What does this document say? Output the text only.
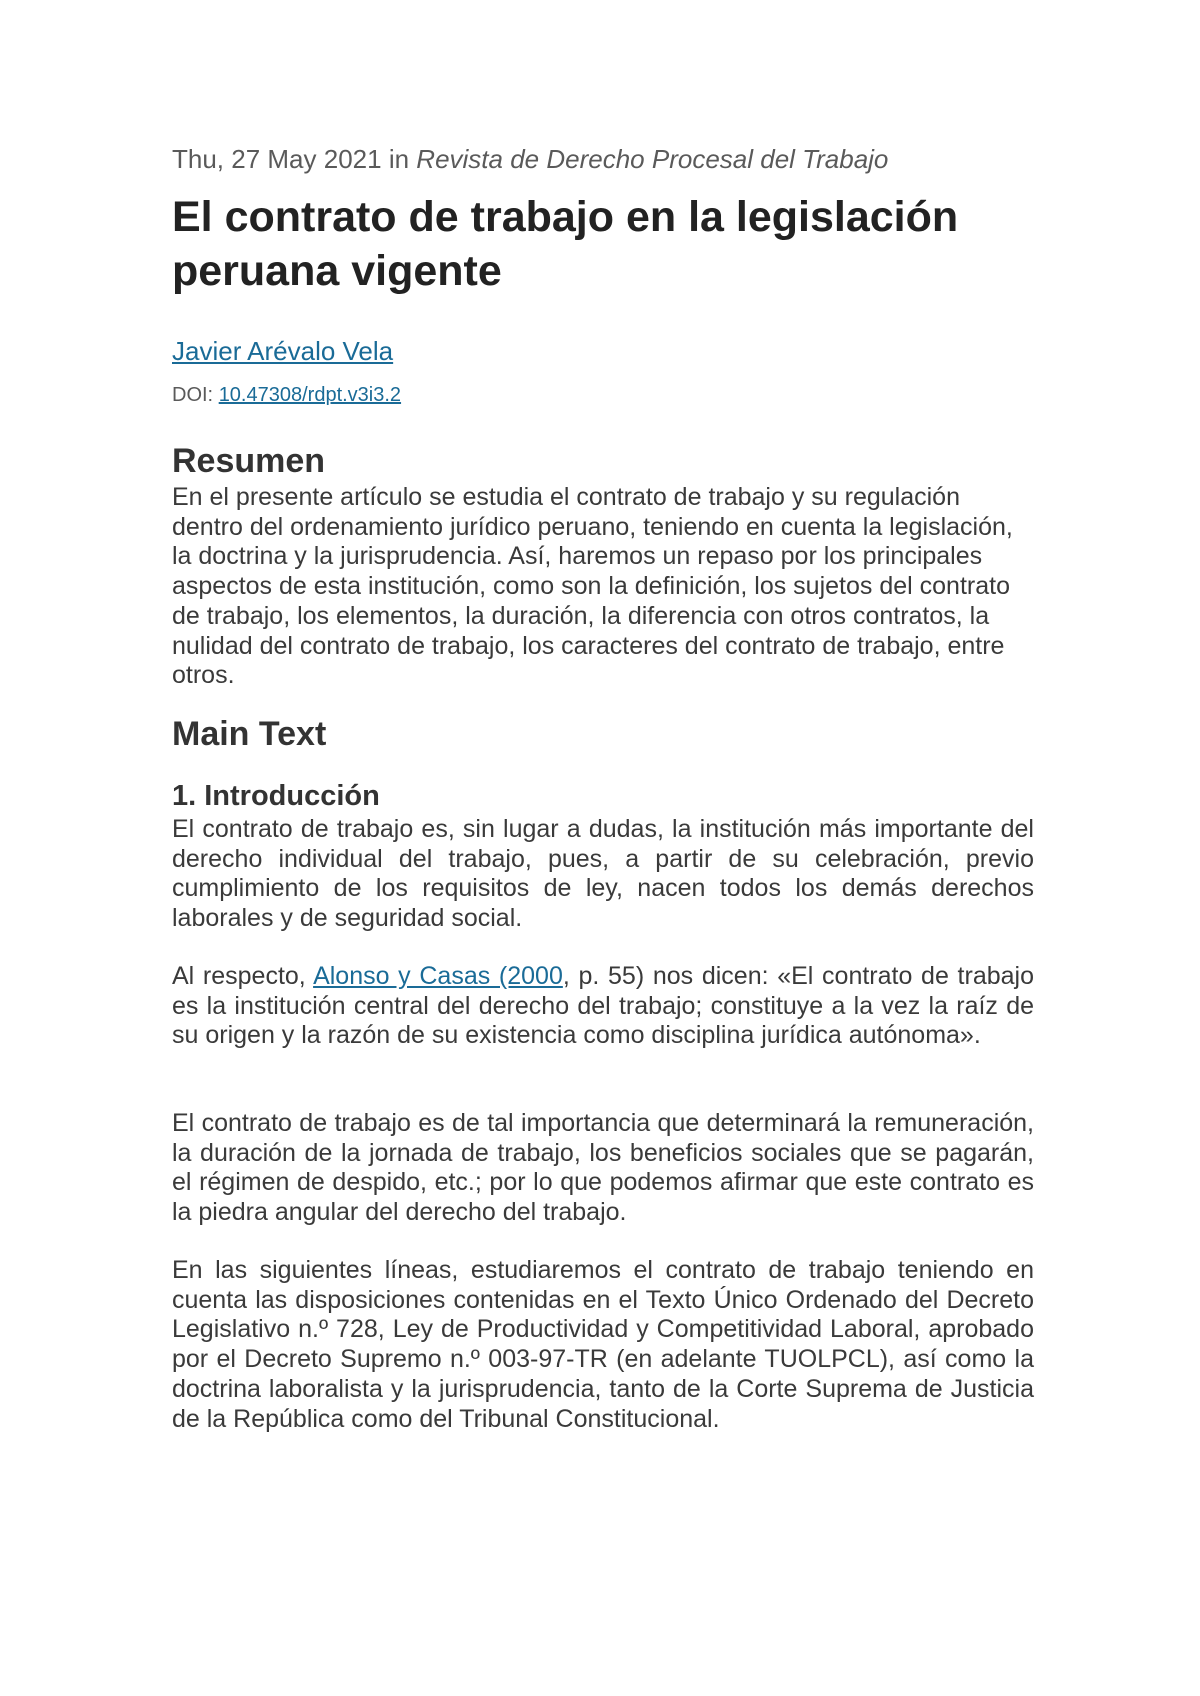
Thu, 27 May 2021 in Revista de Derecho Procesal del Trabajo
El contrato de trabajo en la legislación peruana vigente
Javier Arévalo Vela
DOI: 10.47308/rdpt.v3i3.2
Resumen

En el presente artículo se estudia el contrato de trabajo y su regulación dentro del ordenamiento jurídico peruano, teniendo en cuenta la legislación, la doctrina y la jurisprudencia. Así, haremos un repaso por los principales aspectos de esta institución, como son la definición, los sujetos del contrato de trabajo, los elementos, la duración, la diferencia con otros contratos, la nulidad del contrato de trabajo, los caracteres del contrato de trabajo, entre otros.

Main Text
1. Introducción

El contrato de trabajo es, sin lugar a dudas, la institución más importante del derecho individual del trabajo, pues, a partir de su celebración, previo cumplimiento de los requisitos de ley, nacen todos los demás derechos laborales y de seguridad social.

Al respecto, Alonso y Casas (2000, p. 55) nos dicen: «El contrato de trabajo es la institución central del derecho del trabajo; constituye a la vez la raíz de su origen y la razón de su existencia como disciplina jurídica autónoma».

El contrato de trabajo es de tal importancia que determinará la remuneración, la duración de la jornada de trabajo, los beneficios sociales que se pagarán, el régimen de despido, etc.; por lo que podemos afirmar que este contrato es la piedra angular del derecho del trabajo.

En las siguientes líneas, estudiaremos el contrato de trabajo teniendo en cuenta las disposiciones contenidas en el Texto Único Ordenado del Decreto Legislativo n.º 728, Ley de Productividad y Competitividad Laboral, aprobado por el Decreto Supremo n.º 003-97-TR (en adelante TUOLPCL), así como la doctrina laboralista y la jurisprudencia, tanto de la Corte Suprema de Justicia de la República como del Tribunal Constitucional.
